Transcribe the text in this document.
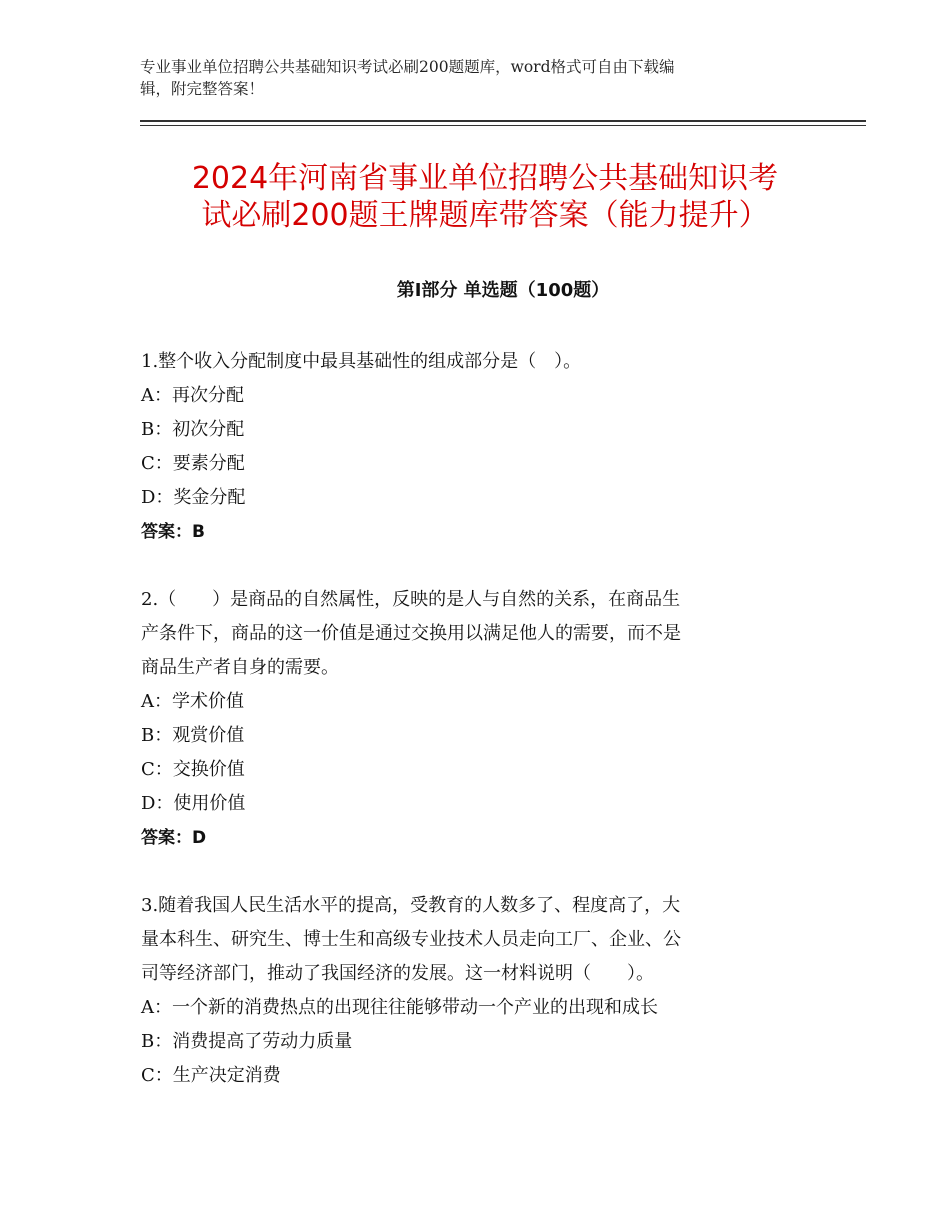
专业事业单位招聘公共基础知识考试必刷200题题库，word格式可自由下载编
辑，附完整答案！
2024年河南省事业单位招聘公共基础知识考
试必刷200题王牌题库带答案（能力提升）
第Ⅰ部分 单选题（100题）
1.整个收入分配制度中最具基础性的组成部分是（　）。
A：再次分配
B：初次分配
C：要素分配
D：奖金分配
答案：B
2.（　　）是商品的自然属性，反映的是人与自然的关系，在商品生
产条件下，商品的这一价值是通过交换用以满足他人的需要，而不是
商品生产者自身的需要。
A：学术价值
B：观赏价值
C：交换价值
D：使用价值
答案：D
3.随着我国人民生活水平的提高，受教育的人数多了、程度高了，大
量本科生、研究生、博士生和高级专业技术人员走向工厂、企业、公
司等经济部门，推动了我国经济的发展。这一材料说明（　　）。
A：一个新的消费热点的出现往往能够带动一个产业的出现和成长
B：消费提高了劳动力质量
C：生产决定消费
